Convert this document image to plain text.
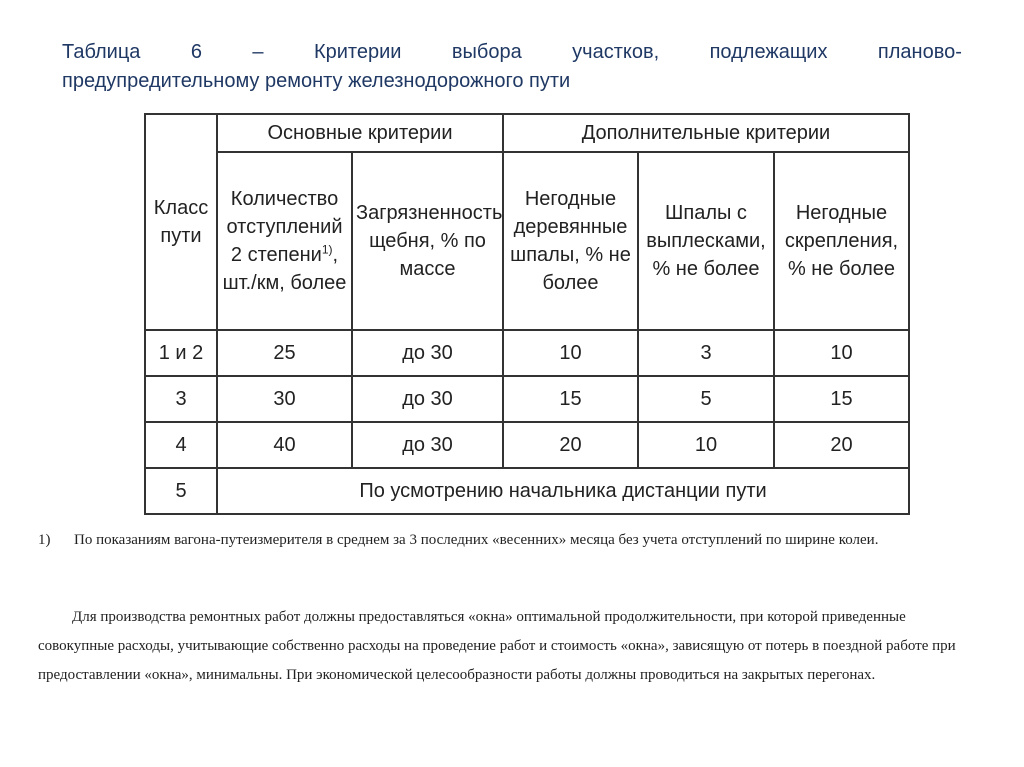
Таблица	6	–	Критерии	выбора	участков,	подлежащих	планово-
предупредительному ремонту железнодорожного пути
Класс пути	Основные критерии		Дополнительные критерии		
	Количество отступлений 2 степени$^{1)}$, шт./км, более	Загрязненность щебня, % по массе	Негодные деревянные шпалы, % не более	Шпалы с выплесками, % не более	Негодные скрепления, % не более
1 и 2	25	до 30	10	3	10
3	30	до 30	15	5	15
4	40	до 30	20	10	20
5	По усмотрению начальника дистанции пути				
1) По показаниям вагона-путеизмерителя в среднем за 3 последних «весенних» месяца без учета отступлений по ширине колеи.
Для производства ремонтных работ должны предоставляться «окна» оптимальной продолжительности, при которой приведенные совокупные расходы, учитывающие собственно расходы на проведение работ и стоимость «окна», зависящую от потерь в поездной работе при предоставлении «окна», минимальны. При экономической целесообразности работы должны проводиться на закрытых перегонах.
